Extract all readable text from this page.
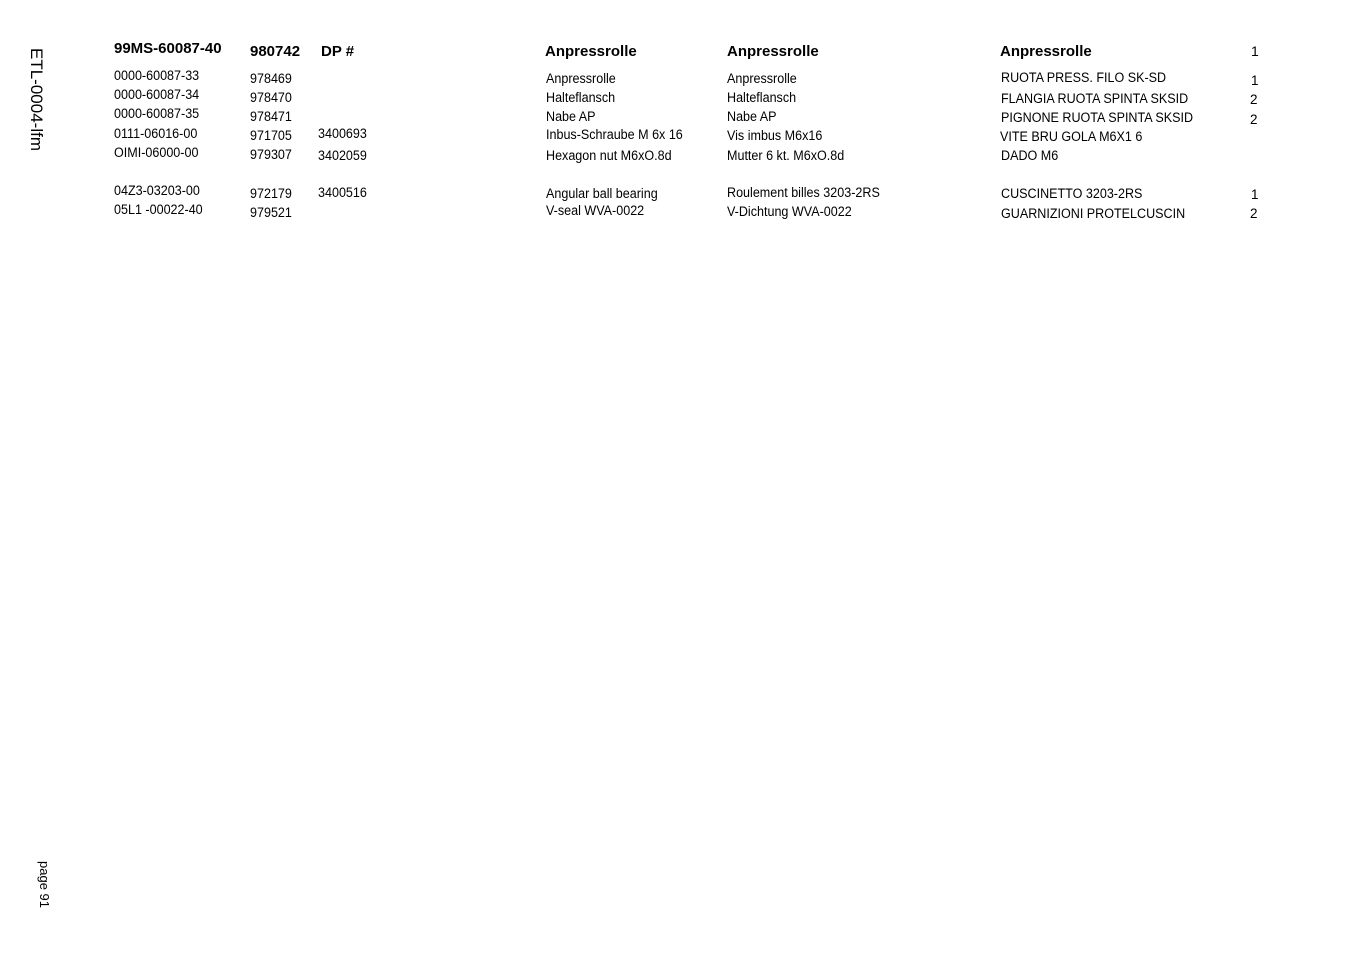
ETL-0004-lfm
page 91
99MS-60087-40 980742 DP #	Anpressrolle	Anpressrolle	Anpressrolle	1
0000-60087-33	978469	Anpressrolle	Anpressrolle	RUOTA PRESS. FILO SK-SD	1
0000-60087-34	978470	Halteflansch	Halteflansch	FLANGIA RUOTA SPINTA SKSID	2
0000-60087-35	978471	Nabe AP	Nabe AP	PIGNONE RUOTA SPINTA SKSID	2
0111-06016-00	971705 3400693	Inbus-Schraube M 6x 16	Vis imbus M6x16	VITE BRU GOLA M6X1 6
OIMI-06000-00	979307 3402059	Hexagon nut M6xO.8d	Mutter 6 kt. M6xO.8d	DADO M6
04Z3-03203-00	972179 3400516	Angular ball bearing	Roulement billes 3203-2RS	CUSCINETTO 3203-2RS	1
05L1 -00022-40	979521	V-seal WVA-0022	V-Dichtung WVA-0022	GUARNIZIONI PROTELCUSCIN	2
